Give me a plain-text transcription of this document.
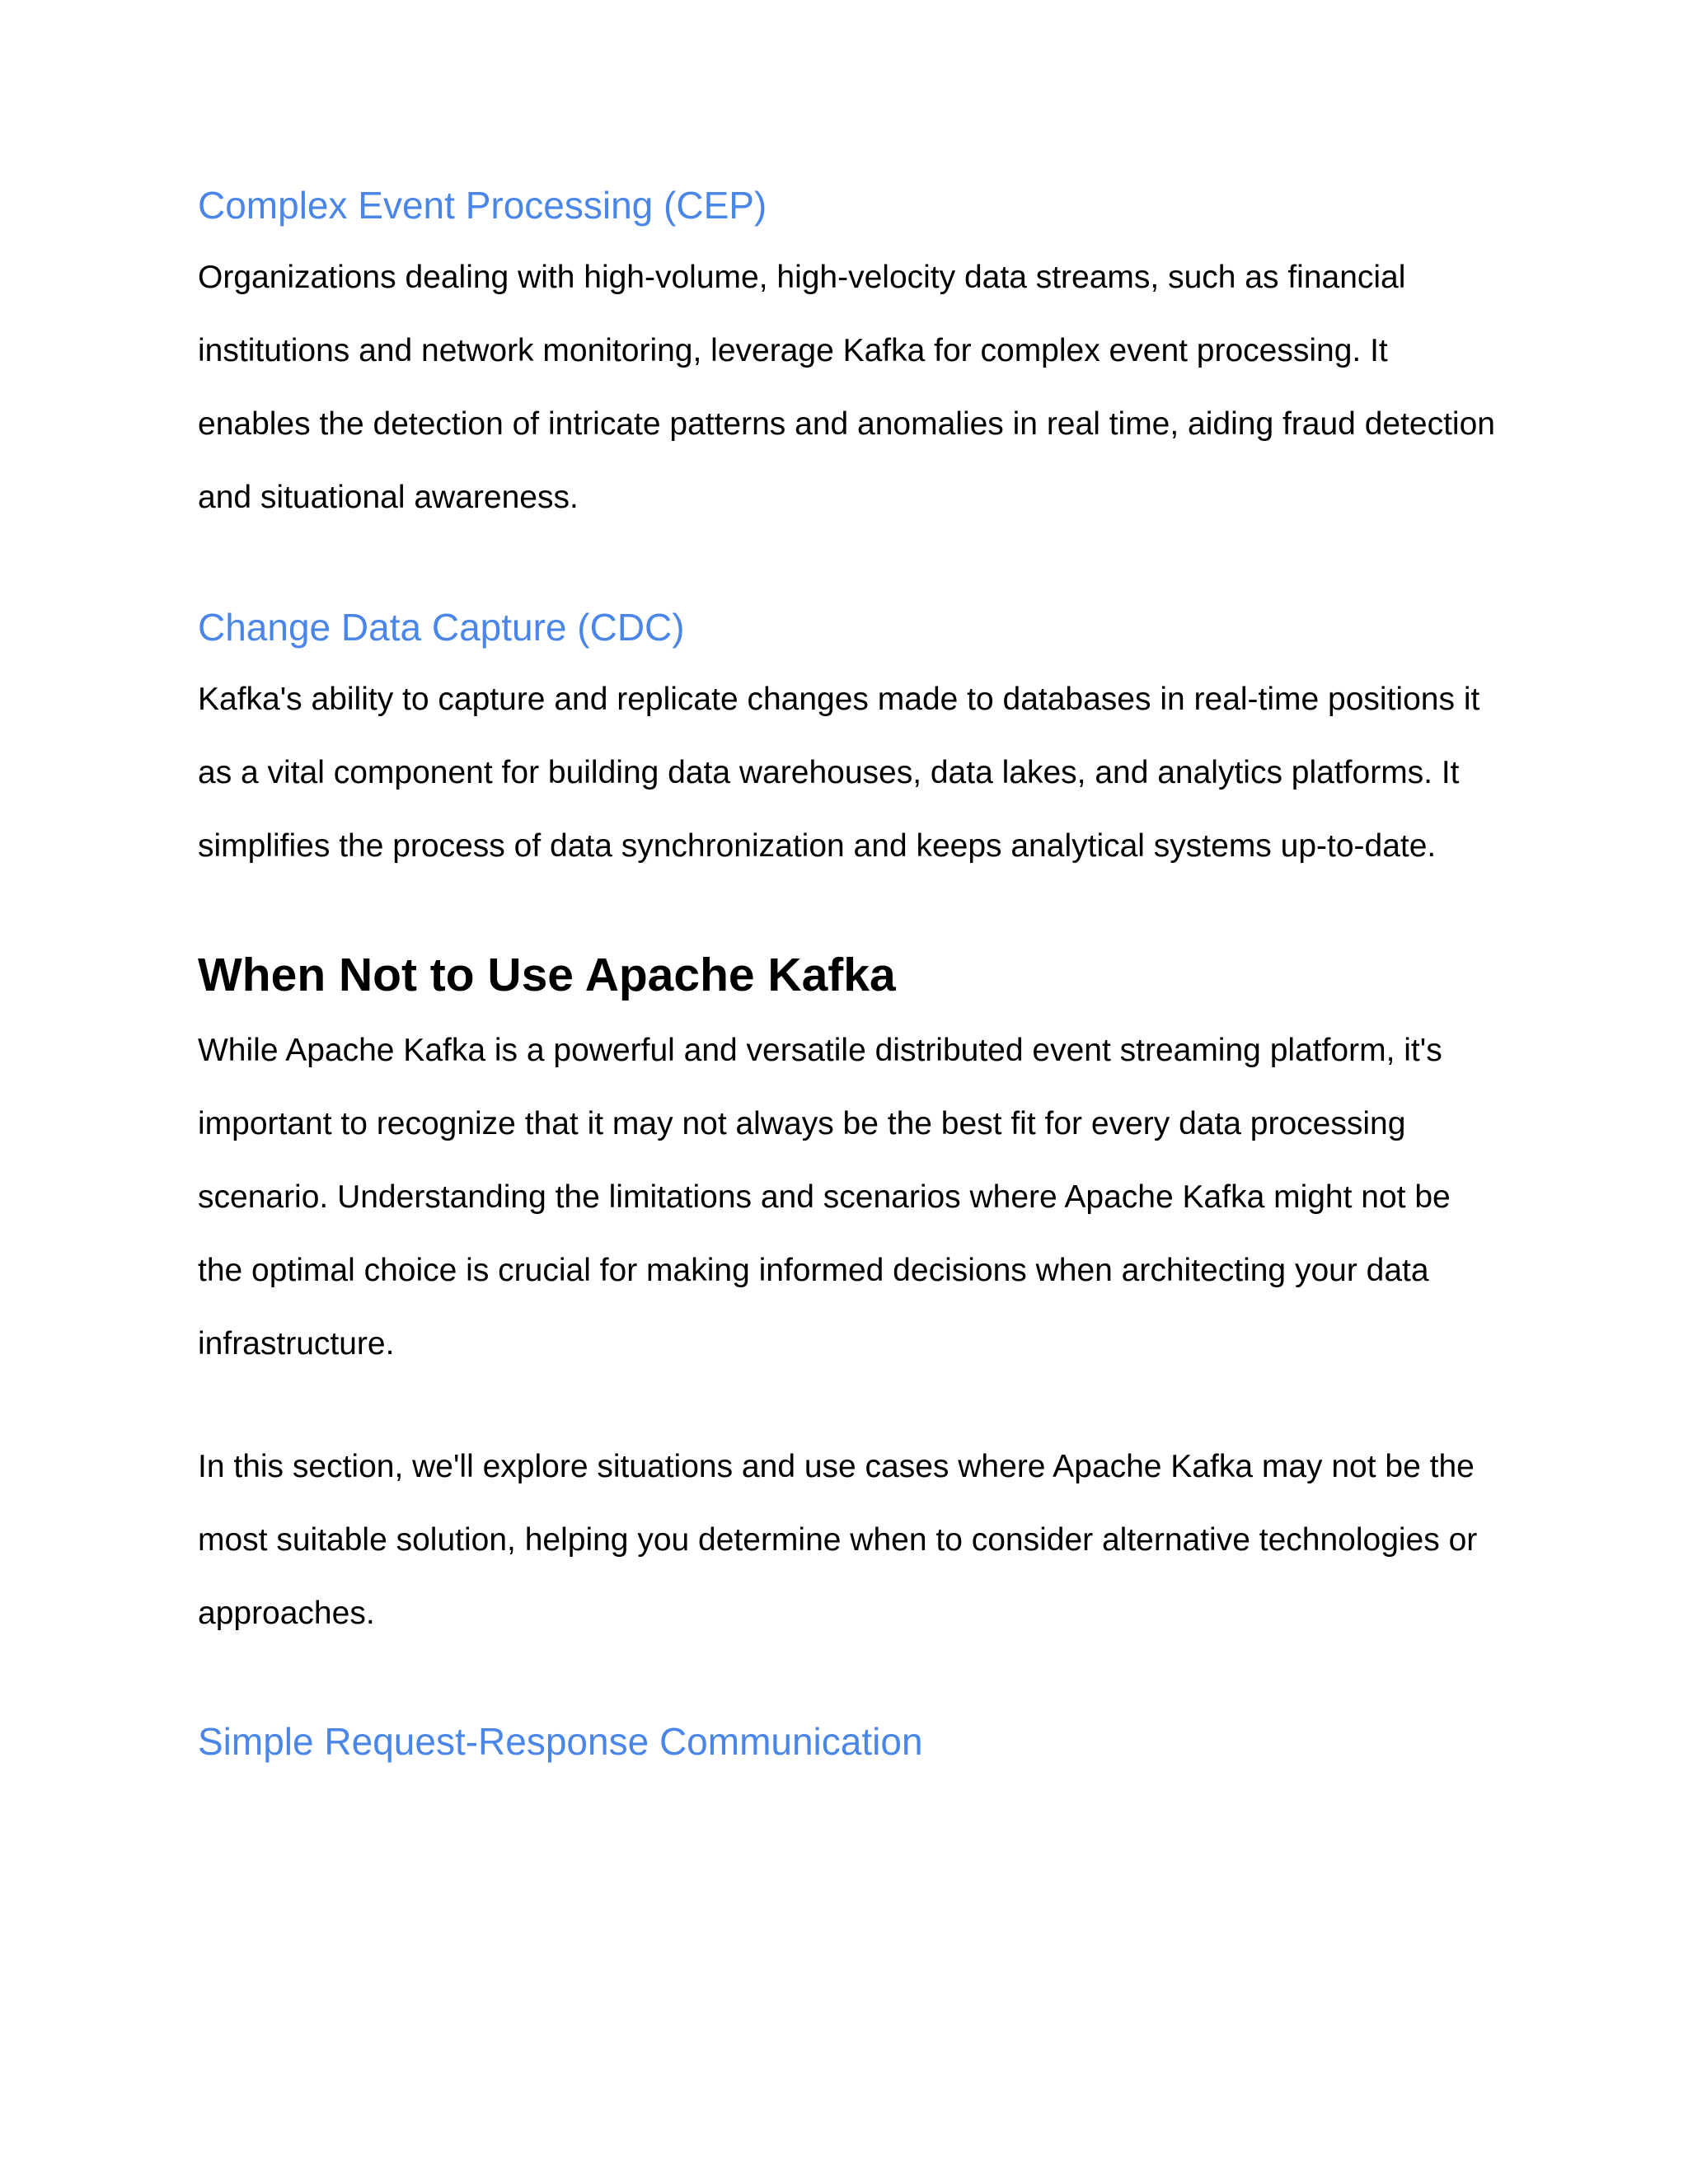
Complex Event Processing (CEP)

Organizations dealing with high-volume, high-velocity data streams, such as financial institutions and network monitoring, leverage Kafka for complex event processing. It enables the detection of intricate patterns and anomalies in real time, aiding fraud detection and situational awareness.

Change Data Capture (CDC)

Kafka's ability to capture and replicate changes made to databases in real-time positions it as a vital component for building data warehouses, data lakes, and analytics platforms. It simplifies the process of data synchronization and keeps analytical systems up-to-date.

When Not to Use Apache Kafka

While Apache Kafka is a powerful and versatile distributed event streaming platform, it's important to recognize that it may not always be the best fit for every data processing scenario. Understanding the limitations and scenarios where Apache Kafka might not be the optimal choice is crucial for making informed decisions when architecting your data infrastructure.

In this section, we'll explore situations and use cases where Apache Kafka may not be the most suitable solution, helping you determine when to consider alternative technologies or approaches.

Simple Request-Response Communication
